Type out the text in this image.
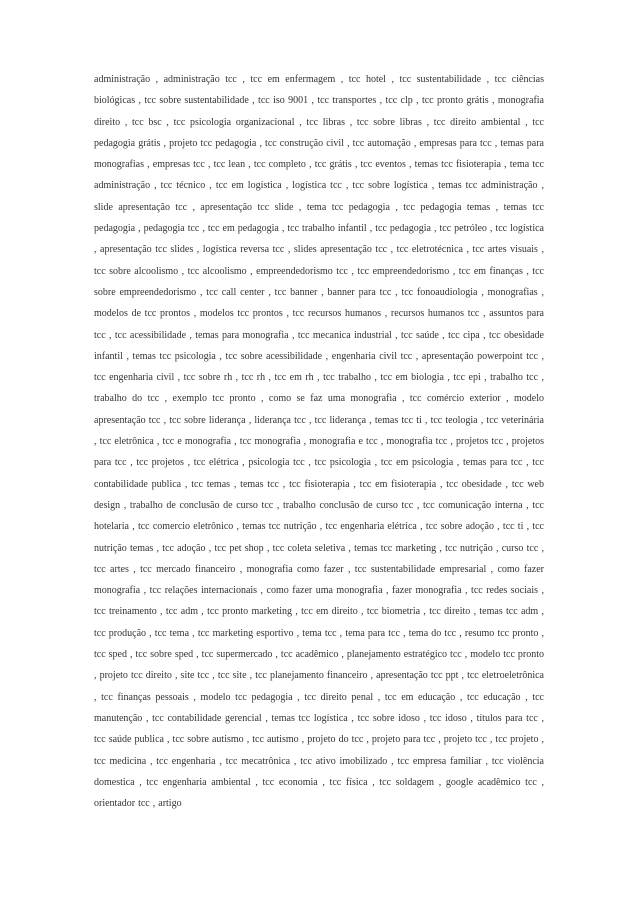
administração , administração tcc , tcc em enfermagem , tcc hotel , tcc sustentabilidade , tcc ciências biológicas , tcc sobre sustentabilidade , tcc iso 9001 , tcc transportes , tcc clp , tcc pronto grátis , monografia direito , tcc bsc , tcc psicologia organizacional , tcc libras , tcc sobre libras , tcc direito ambiental , tcc pedagogia grátis , projeto tcc pedagogia , tcc construção civil , tcc automação , empresas para tcc , temas para monografias , empresas tcc , tcc lean , tcc completo , tcc grátis , tcc eventos , temas tcc fisioterapia , tema tcc administração , tcc técnico , tcc em logística , logística tcc , tcc sobre logística , temas tcc administração , slide apresentação tcc , apresentação tcc slide , tema tcc pedagogia , tcc pedagogia temas , temas tcc pedagogia , pedagogia tcc , tcc em pedagogia , tcc trabalho infantil , tcc pedagogia , tcc petróleo , tcc logística , apresentação tcc slides , logística reversa tcc , slides apresentação tcc , tcc eletrotécnica , tcc artes visuais , tcc sobre alcoolismo , tcc alcoolismo , empreendedorismo tcc , tcc empreendedorismo , tcc em finanças , tcc sobre empreendedorismo , tcc call center , tcc banner , banner para tcc , tcc fonoaudiologia , monografias , modelos de tcc prontos , modelos tcc prontos , tcc recursos humanos , recursos humanos tcc , assuntos para tcc , tcc acessibilidade , temas para monografia , tcc mecanica industrial , tcc saúde , tcc cipa , tcc obesidade infantil , temas tcc psicologia , tcc sobre acessibilidade , engenharia civil tcc , apresentação powerpoint tcc , tcc engenharia civil , tcc sobre rh , tcc rh , tcc em rh , tcc trabalho , tcc em biologia , tcc epi , trabalho tcc , trabalho do tcc , exemplo tcc pronto , como se faz uma monografia , tcc comércio exterior , modelo apresentação tcc , tcc sobre liderança , liderança tcc , tcc liderança , temas tcc ti , tcc teologia , tcc veterinária , tcc eletrônica , tcc e monografia , tcc monografia , monografia e tcc , monografia tcc , projetos tcc , projetos para tcc , tcc projetos , tcc elétrica , psicologia tcc , tcc psicologia , tcc em psicologia , temas para tcc , tcc contabilidade publica , tcc temas , temas tcc , tcc fisioterapia , tcc em fisioterapia , tcc obesidade , tcc web design , trabalho de conclusão de curso tcc , trabalho conclusão de curso tcc , tcc comunicação interna , tcc hotelaria , tcc comercio eletrônico , temas tcc nutrição , tcc engenharia elétrica , tcc sobre adoção , tcc ti , tcc nutrição temas , tcc adoção , tcc pet shop , tcc coleta seletiva , temas tcc marketing , tcc nutrição , curso tcc , tcc artes , tcc mercado financeiro , monografia como fazer , tcc sustentabilidade empresarial , como fazer monografia , tcc relações internacionais , como fazer uma monografia , fazer monografia , tcc redes sociais , tcc treinamento , tcc adm , tcc pronto marketing , tcc em direito , tcc biometria , tcc direito , temas tcc adm , tcc produção , tcc tema , tcc marketing esportivo , tema tcc , tema para tcc , tema do tcc , resumo tcc pronto , tcc sped , tcc sobre sped , tcc supermercado , tcc acadêmico , planejamento estratégico tcc , modelo tcc pronto , projeto tcc direito , site tcc , tcc site , tcc planejamento financeiro , apresentação tcc ppt , tcc eletroeletrônica , tcc finanças pessoais , modelo tcc pedagogia , tcc direito penal , tcc em educação , tcc educação , tcc manutenção , tcc contabilidade gerencial , temas tcc logística , tcc sobre idoso , tcc idoso , títulos para tcc , tcc saúde publica , tcc sobre autismo , tcc autismo , projeto do tcc , projeto para tcc , projeto tcc , tcc projeto , tcc medicina , tcc engenharia , tcc mecatrônica , tcc ativo imobilizado , tcc empresa familiar , tcc violência domestica , tcc engenharia ambiental , tcc economia , tcc física , tcc soldagem , google acadêmico tcc , orientador tcc , artigo
